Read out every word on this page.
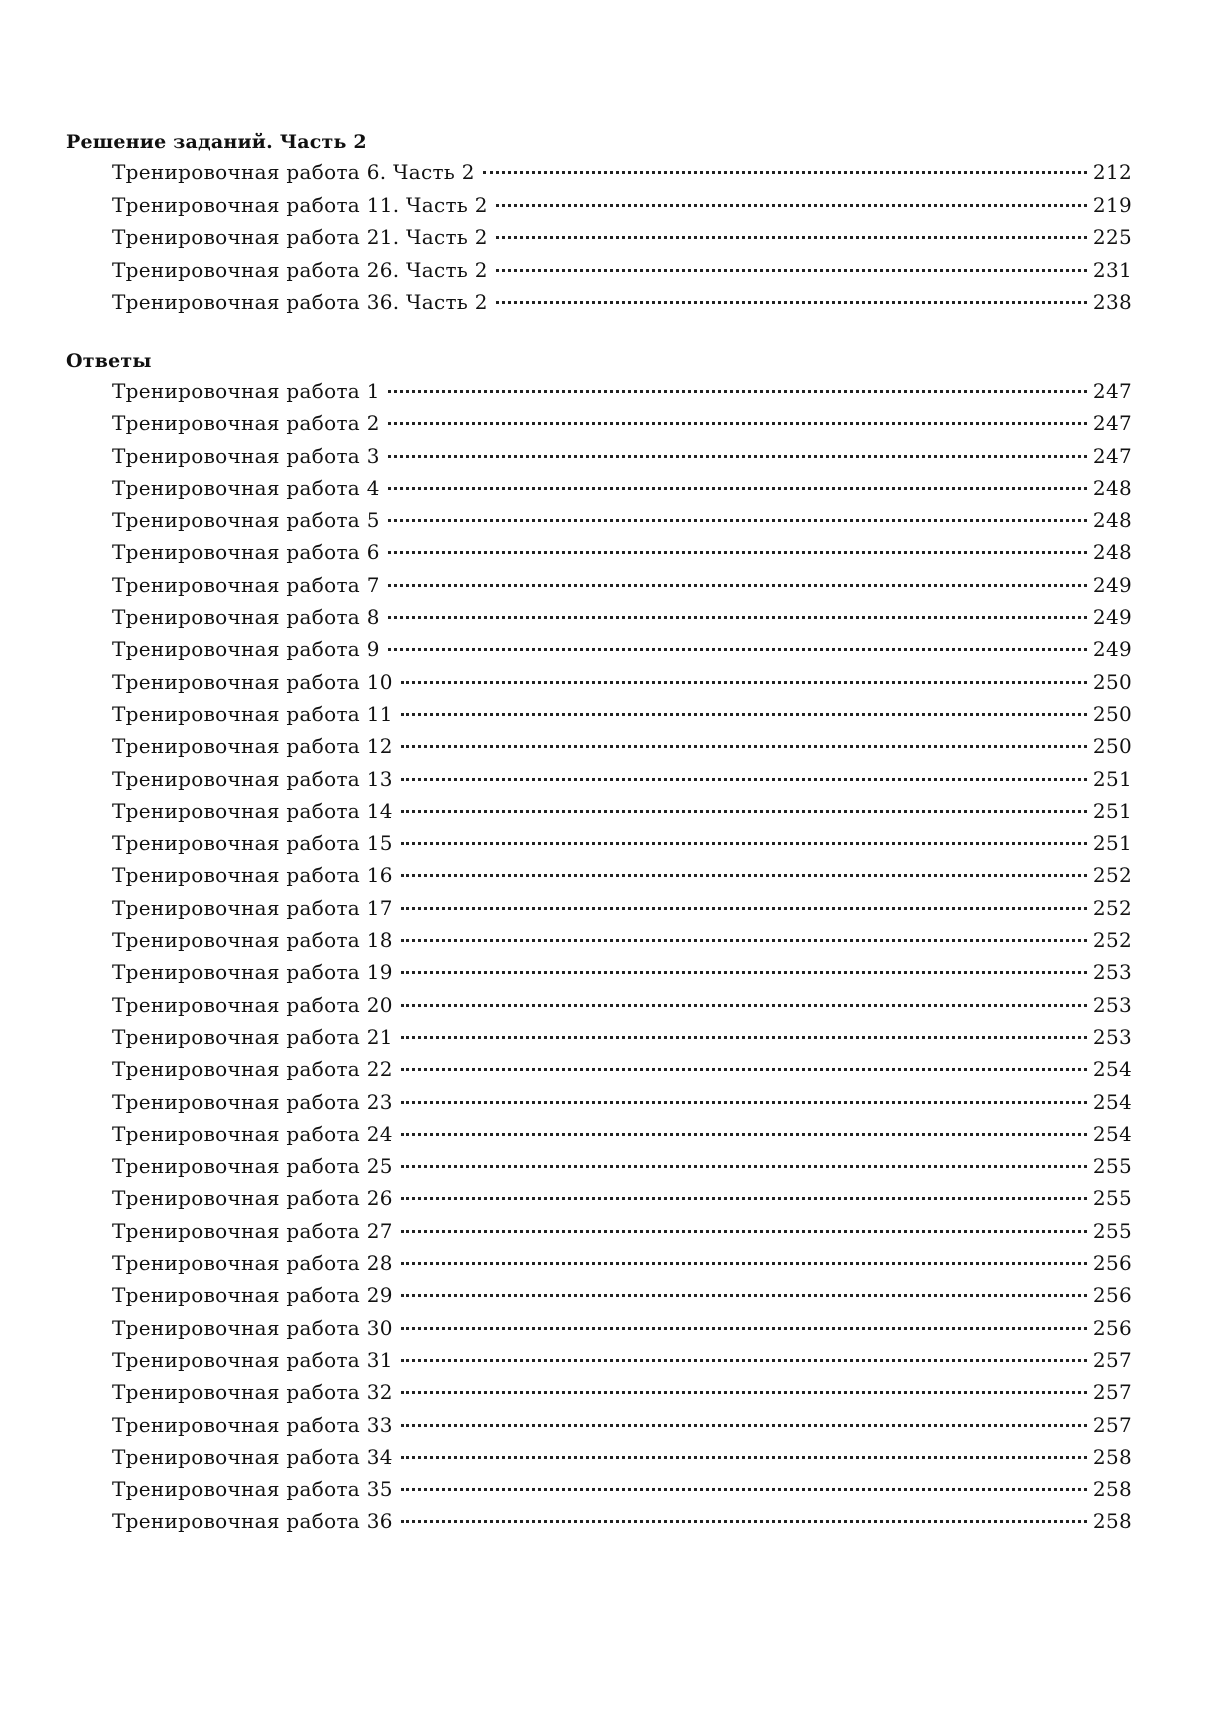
Решение заданий. Часть 2
Тренировочная работа 6. Часть 2	212
Тренировочная работа 11. Часть 2	219
Тренировочная работа 21. Часть 2	225
Тренировочная работа 26. Часть 2	231
Тренировочная работа 36. Часть 2	238
Ответы
Тренировочная работа 1	247
Тренировочная работа 2	247
Тренировочная работа 3	247
Тренировочная работа 4	248
Тренировочная работа 5	248
Тренировочная работа 6	248
Тренировочная работа 7	249
Тренировочная работа 8	249
Тренировочная работа 9	249
Тренировочная работа 10	250
Тренировочная работа 11	250
Тренировочная работа 12	250
Тренировочная работа 13	251
Тренировочная работа 14	251
Тренировочная работа 15	251
Тренировочная работа 16	252
Тренировочная работа 17	252
Тренировочная работа 18	252
Тренировочная работа 19	253
Тренировочная работа 20	253
Тренировочная работа 21	253
Тренировочная работа 22	254
Тренировочная работа 23	254
Тренировочная работа 24	254
Тренировочная работа 25	255
Тренировочная работа 26	255
Тренировочная работа 27	255
Тренировочная работа 28	256
Тренировочная работа 29	256
Тренировочная работа 30	256
Тренировочная работа 31	257
Тренировочная работа 32	257
Тренировочная работа 33	257
Тренировочная работа 34	258
Тренировочная работа 35	258
Тренировочная работа 36	258
